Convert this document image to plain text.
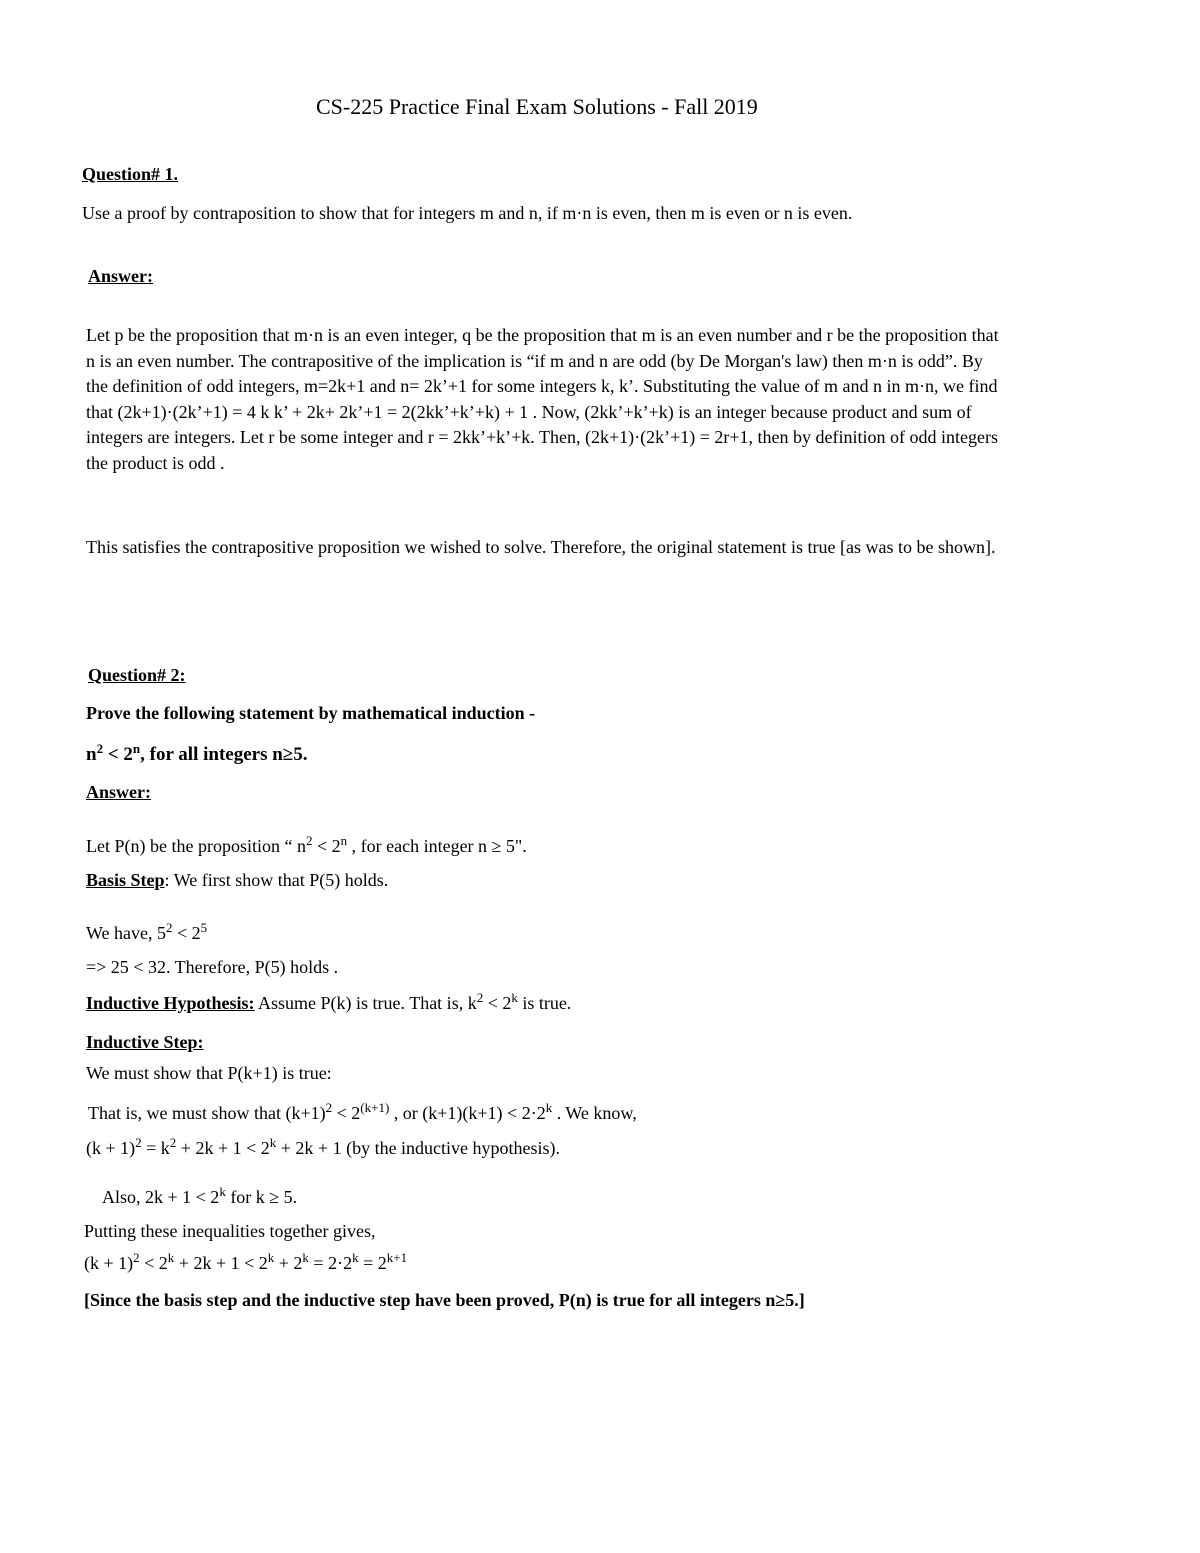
CS-225 Practice Final Exam Solutions - Fall 2019
Question# 1.
Use a proof by contraposition to show that for integers m and n, if m·n is even, then m is even or n is even.
Answer:
Let p be the proposition that m·n is an even integer, q be the proposition that m is an even number and r be the proposition that n is an even number. The contrapositive of the implication is “if m and n are odd (by De Morgan's law) then m·n is odd”. By the definition of odd integers, m=2k+1 and n= 2k’+1 for some integers k, k’. Substituting the value of m and n in m·n, we find that (2k+1)·(2k’+1) = 4 k k’ + 2k+ 2k’+1 = 2(2kk’+k’+k) + 1 . Now, (2kk’+k’+k) is an integer because product and sum of integers are integers. Let r be some integer and r = 2kk’+k’+k. Then, (2k+1)·(2k’+1) = 2r+1, then by definition of odd integers the product is odd .
This satisfies the contrapositive proposition we wished to solve. Therefore, the original statement is true [as was to be shown].
Question# 2:
Prove the following statement by mathematical induction -
$n^2 < 2^n$, for all integers n≥5.
Answer:
Let P(n) be the proposition “ $n^2 < 2^n$ , for each integer n ≥ 5".
Basis Step: We first show that P(5) holds.
We have, $5^2 < 2^5$
=> 25 < 32. Therefore, P(5) holds .
Inductive Hypothesis: Assume P(k) is true. That is, $k^2 < 2^k$ is true.
Inductive Step:
We must show that P(k+1) is true:
That is, we must show that $(k+1)^2 < 2^{(k+1)}$ , or $(k+1)(k+1) < 2\cdot 2^k$ . We know,
$(k + 1)^2 = k^2 + 2k + 1 < 2^k + 2k + 1$ (by the inductive hypothesis).
Also, $2k + 1 < 2^k$ for k ≥ 5.
Putting these inequalities together gives,
$(k + 1)^2 < 2^k + 2k + 1 < 2^k + 2^k = 2\cdot 2^k = 2^{k+1}$
[Since the basis step and the inductive step have been proved, P(n) is true for all integers n≥5.]
